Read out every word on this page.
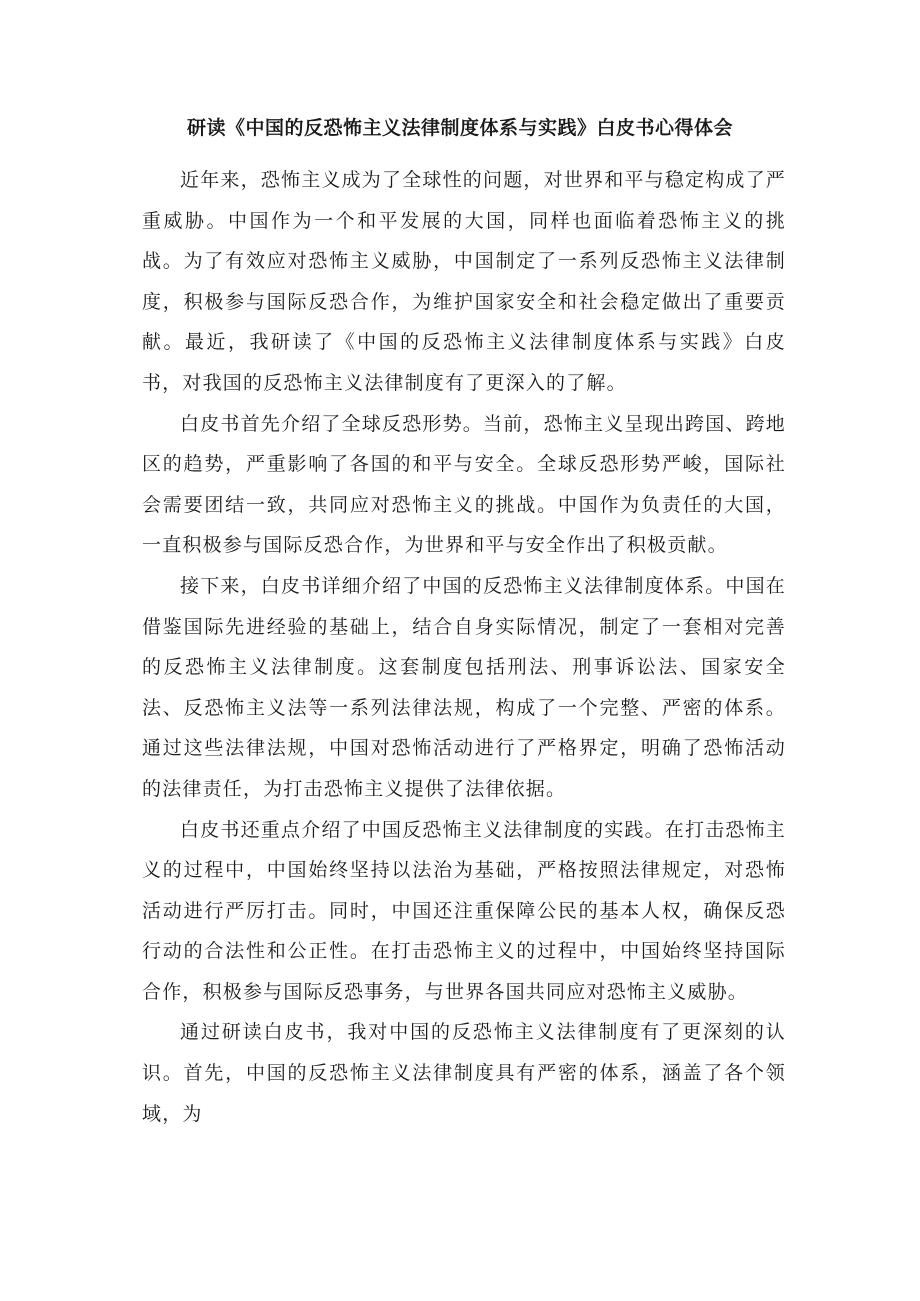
研读《中国的反恐怖主义法律制度体系与实践》白皮书心得体会

近年来，恐怖主义成为了全球性的问题，对世界和平与稳定构成了严重威胁。中国作为一个和平发展的大国，同样也面临着恐怖主义的挑战。为了有效应对恐怖主义威胁，中国制定了一系列反恐怖主义法律制度，积极参与国际反恐合作，为维护国家安全和社会稳定做出了重要贡献。最近，我研读了《中国的反恐怖主义法律制度体系与实践》白皮书，对我国的反恐怖主义法律制度有了更深入的了解。

白皮书首先介绍了全球反恐形势。当前，恐怖主义呈现出跨国、跨地区的趋势，严重影响了各国的和平与安全。全球反恐形势严峻，国际社会需要团结一致，共同应对恐怖主义的挑战。中国作为负责任的大国，一直积极参与国际反恐合作，为世界和平与安全作出了积极贡献。

接下来，白皮书详细介绍了中国的反恐怖主义法律制度体系。中国在借鉴国际先进经验的基础上，结合自身实际情况，制定了一套相对完善的反恐怖主义法律制度。这套制度包括刑法、刑事诉讼法、国家安全法、反恐怖主义法等一系列法律法规，构成了一个完整、严密的体系。通过这些法律法规，中国对恐怖活动进行了严格界定，明确了恐怖活动的法律责任，为打击恐怖主义提供了法律依据。

白皮书还重点介绍了中国反恐怖主义法律制度的实践。在打击恐怖主义的过程中，中国始终坚持以法治为基础，严格按照法律规定，对恐怖活动进行严厉打击。同时，中国还注重保障公民的基本人权，确保反恐行动的合法性和公正性。在打击恐怖主义的过程中，中国始终坚持国际合作，积极参与国际反恐事务，与世界各国共同应对恐怖主义威胁。

通过研读白皮书，我对中国的反恐怖主义法律制度有了更深刻的认识。首先，中国的反恐怖主义法律制度具有严密的体系，涵盖了各个领域，为
